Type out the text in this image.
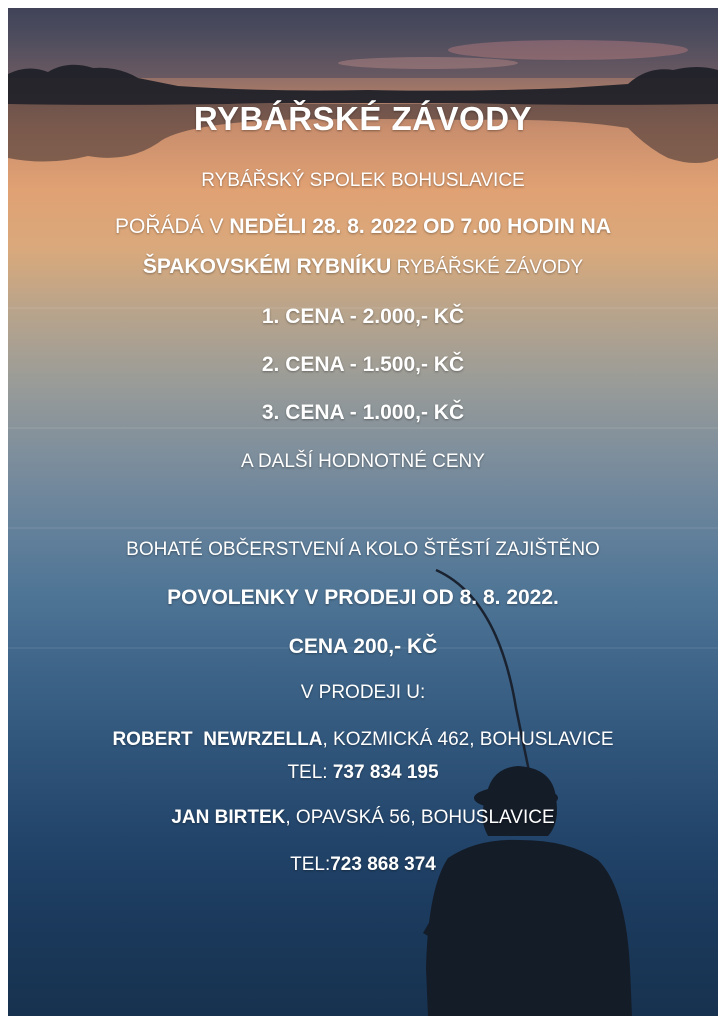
RYBÁŘSKÉ ZÁVODY
RYBÁŘSKÝ SPOLEK BOHUSLAVICE
POŘÁDÁ V NEDĚLI 28. 8. 2022 OD 7.00 HODIN NA
ŠPAKOVSKÉM RYBNÍKU RYBÁŘSKÉ ZÁVODY
1. CENA - 2.000,- KČ
2. CENA - 1.500,- KČ
3. CENA - 1.000,- KČ
A DALŠÍ HODNOTNÉ CENY
BOHATÉ OBČERSTVENÍ A KOLO ŠTĚSTÍ ZAJIŠTĚNO
POVOLENKY V PRODEJI OD 8. 8. 2022.
CENA 200,- KČ
V PRODEJI U:
ROBERT  NEWRZELLA, KOZMICKÁ 462, BOHUSLAVICE
TEL: 737 834 195
JAN BIRTEK, OPAVSKÁ 56, BOHUSLAVICE
TEL:723 868 374
